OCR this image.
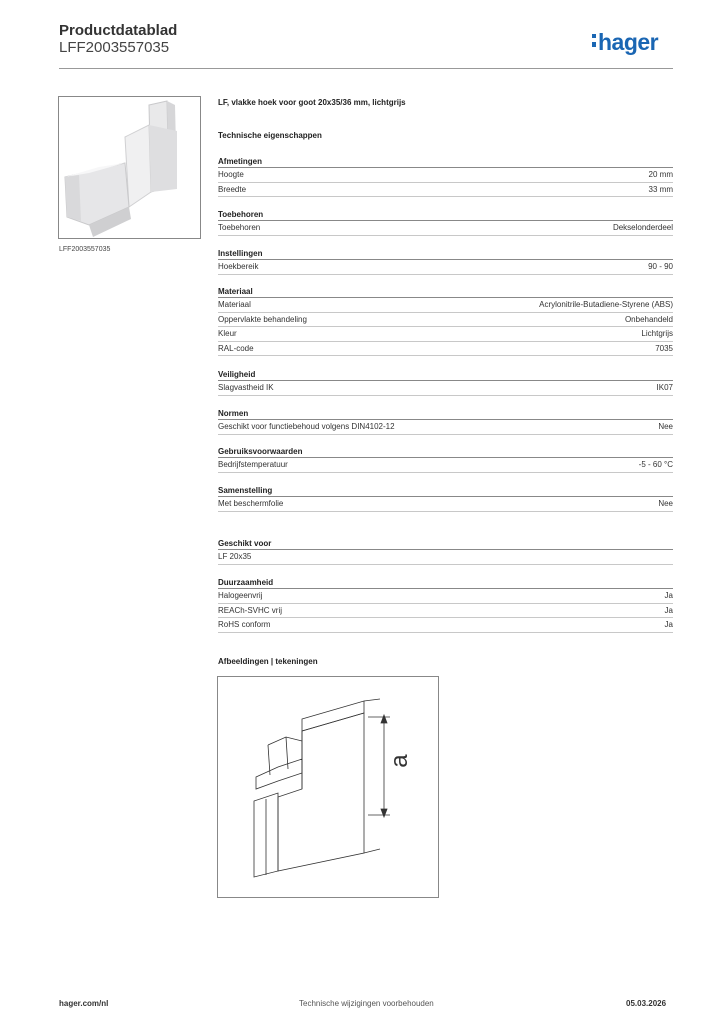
Productdatablad
LFF2003557035	hager
LFF2003557035
LF, vlakke hoek voor goot 20x35/36 mm, lichtgrijs
Technische eigenschappen
Afmetingen
Hoogte	20 mm
Breedte	33 mm
Toebehoren
Toebehoren	Dekselonderdeel
Instellingen
Hoekbereik	90 - 90
Materiaal
Materiaal	Acrylonitrile-Butadiene-Styrene (ABS)
Oppervlakte behandeling	Onbehandeld
Kleur	Lichtgrijs
RAL-code	7035
Veiligheid
Slagvastheid IK	IK07
Normen
Geschikt voor functiebehoud volgens DIN4102-12	Nee
Gebruiksvoorwaarden
Bedrijfstemperatuur	-5 - 60 °C
Samenstelling
Met beschermfolie	Nee
Geschikt voor
LF 20x35
Duurzaamheid
Halogeenvrij	Ja
REACh-SVHC vrij	Ja
RoHS conform	Ja
Afbeeldingen | tekeningen
a
hager.com/nl	Technische wijzigingen voorbehouden	05.03.2026
